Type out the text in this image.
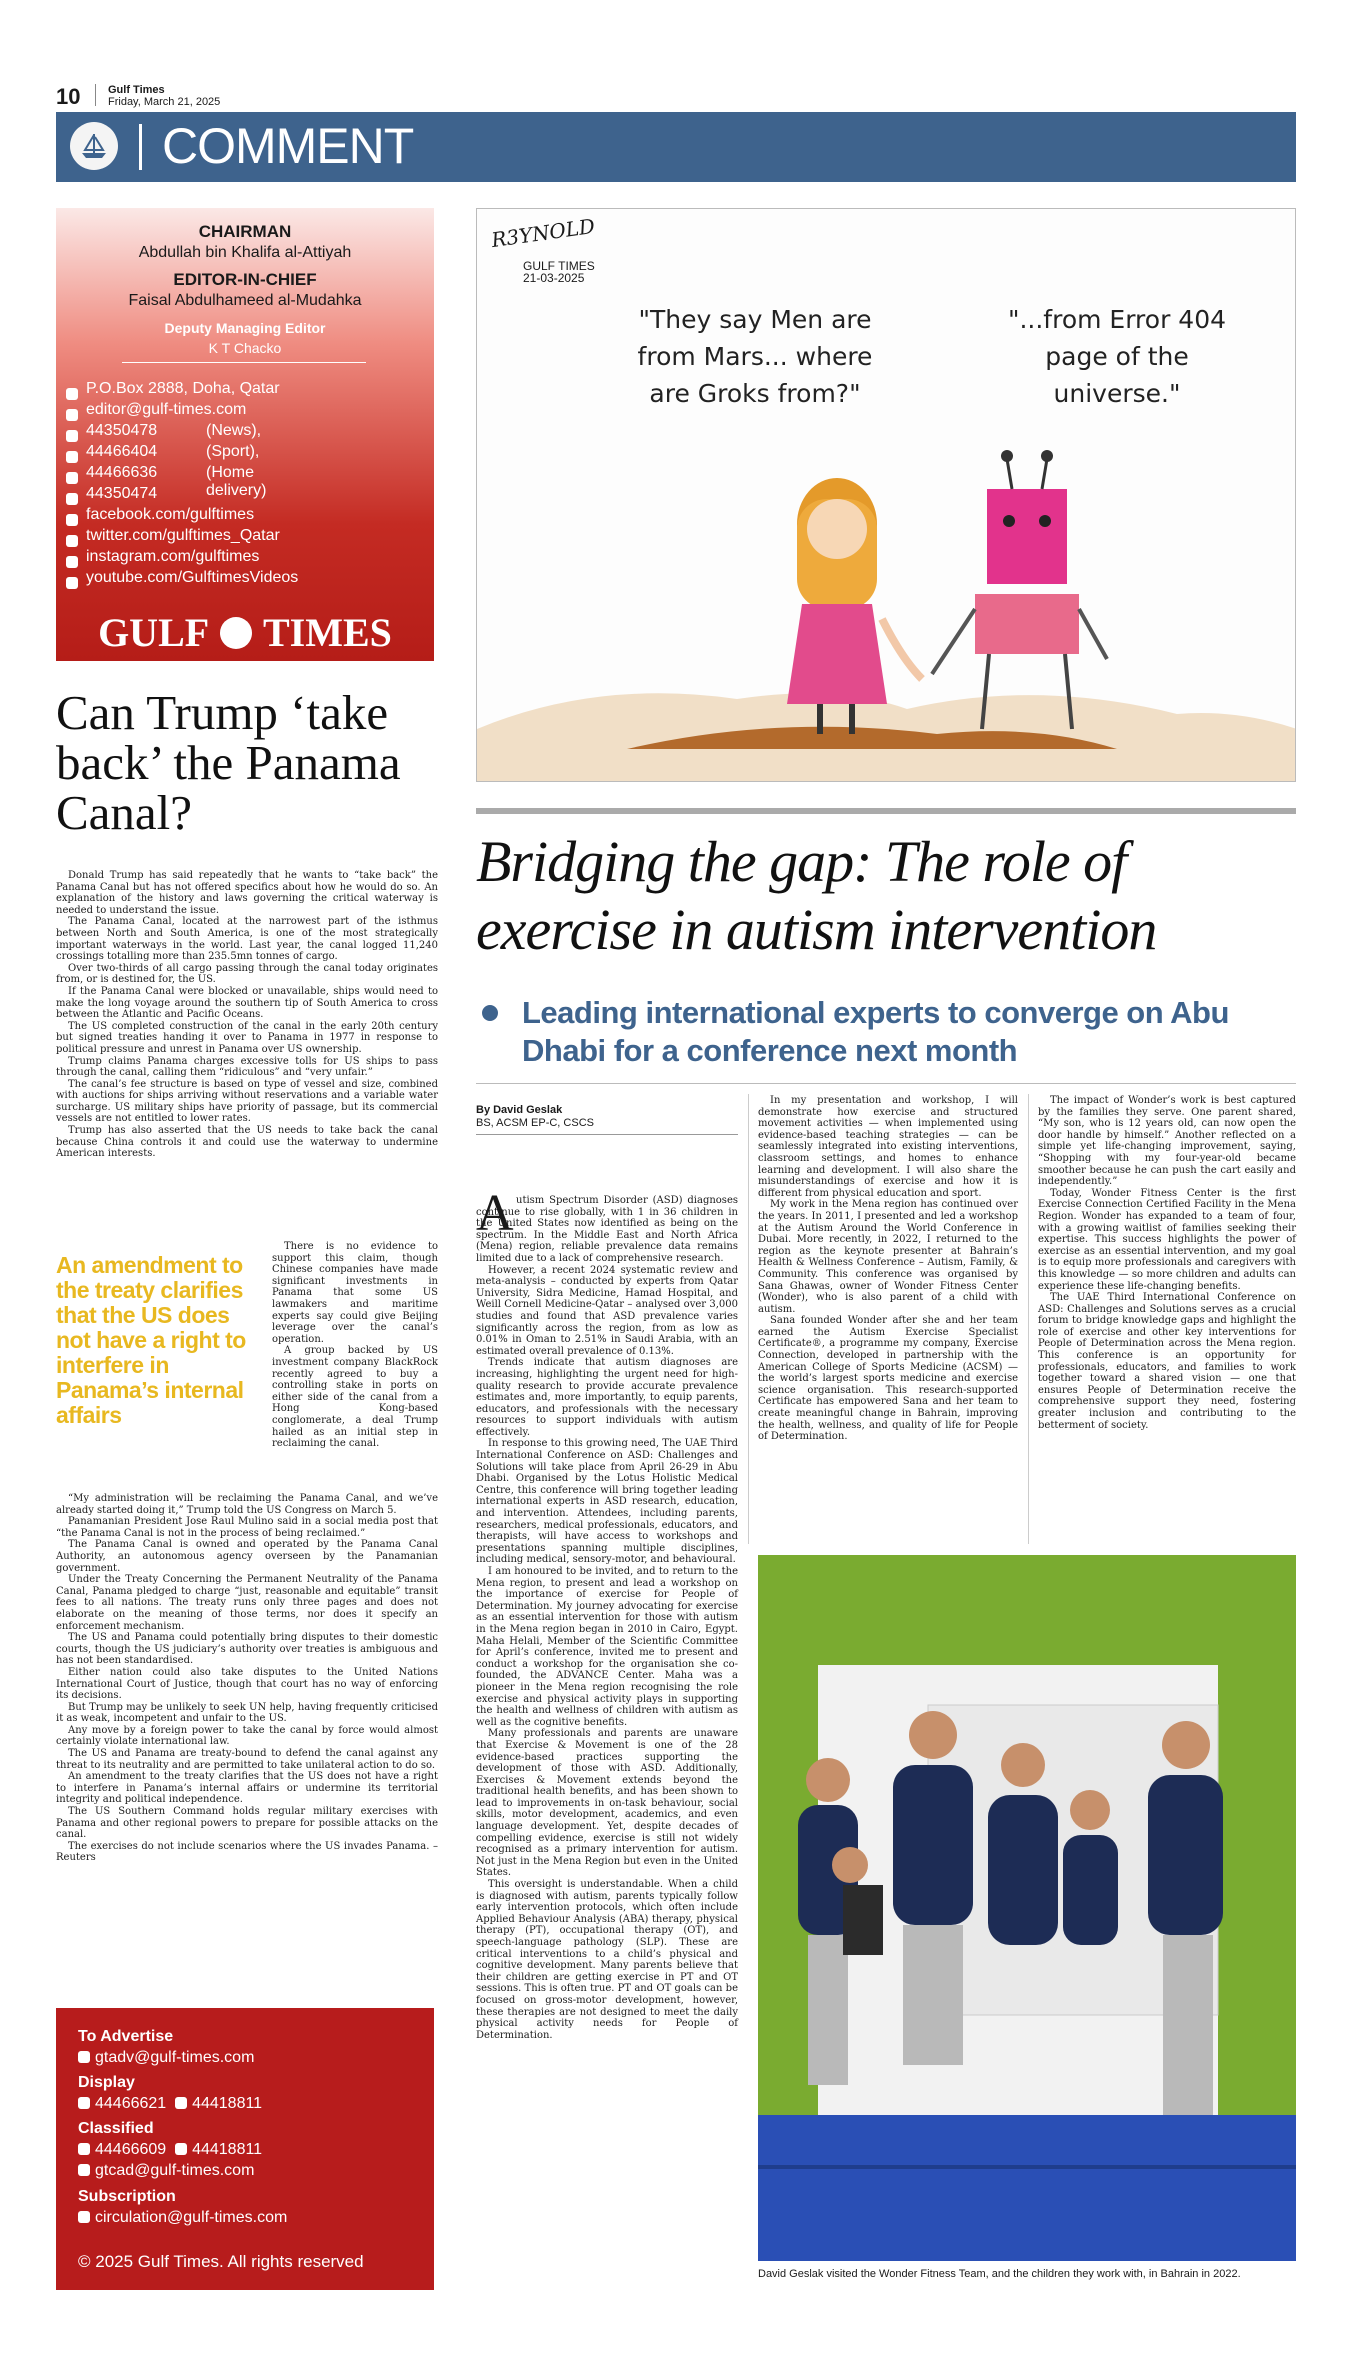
10	Gulf Times
Friday, March 21, 2025
COMMENT
CHAIRMAN
Abdullah bin Khalifa al-Attiyah
EDITOR-IN-CHIEF
Faisal Abdulhameed al-Mudahka
Deputy Managing Editor
K T Chacko
P.O.Box 2888, Doha, Qatar
editor@gulf-times.com
44350478	(News),
44466404	(Sport),
44466636	(Home delivery)
44350474
facebook.com/gulftimes
twitter.com/gulftimes_Qatar
instagram.com/gulftimes
youtube.com/GulftimesVideos
GULF TIMES
Can Trump ‘take back’ the Panama Canal?

Donald Trump has said repeatedly that he wants to “take back” the Panama Canal but has not offered specifics about how he would do so. An explanation of the history and laws governing the critical waterway is needed to understand the issue.

The Panama Canal, located at the narrowest part of the isthmus between North and South America, is one of the most strategically important waterways in the world. Last year, the canal logged 11,240 crossings totalling more than 235.5mn tonnes of cargo.

Over two-thirds of all cargo passing through the canal today originates from, or is destined for, the US.

If the Panama Canal were blocked or unavailable, ships would need to make the long voyage around the southern tip of South America to cross between the Atlantic and Pacific Oceans.

The US completed construction of the canal in the early 20th century but signed treaties handing it over to Panama in 1977 in response to political pressure and unrest in Panama over US ownership.

Trump claims Panama charges excessive tolls for US ships to pass through the canal, calling them “ridiculous” and “very unfair.”

The canal’s fee structure is based on type of vessel and size, combined with auctions for ships arriving without reservations and a variable water surcharge. US military ships have priority of passage, but its commercial vessels are not entitled to lower rates.

Trump has also asserted that the US needs to take back the canal because China controls it and could use the waterway to undermine American interests.

An amendment to the treaty clarifies that the US does not have a right to interfere in Panama’s internal affairs

There is no evidence to support this claim, though Chinese companies have made significant investments in Panama that some US lawmakers and maritime experts say could give Beijing leverage over the canal’s operation.

A group backed by US investment company BlackRock recently agreed to buy a controlling stake in ports on either side of the canal from a Hong Kong-based conglomerate, a deal Trump hailed as an initial step in reclaiming the canal.

“My administration will be reclaiming the Panama Canal, and we’ve already started doing it,” Trump told the US Congress on March 5.

Panamanian President Jose Raul Mulino said in a social media post that “the Panama Canal is not in the process of being reclaimed.”

The Panama Canal is owned and operated by the Panama Canal Authority, an autonomous agency overseen by the Panamanian government.

Under the Treaty Concerning the Permanent Neutrality of the Panama Canal, Panama pledged to charge “just, reasonable and equitable” transit fees to all nations. The treaty runs only three pages and does not elaborate on the meaning of those terms, nor does it specify an enforcement mechanism.

The US and Panama could potentially bring disputes to their domestic courts, though the US judiciary’s authority over treaties is ambiguous and has not been standardised.

Either nation could also take disputes to the United Nations International Court of Justice, though that court has no way of enforcing its decisions.

But Trump may be unlikely to seek UN help, having frequently criticised it as weak, incompetent and unfair to the US.

Any move by a foreign power to take the canal by force would almost certainly violate international law.

The US and Panama are treaty-bound to defend the canal against any threat to its neutrality and are permitted to take unilateral action to do so.

An amendment to the treaty clarifies that the US does not have a right to interfere in Panama’s internal affairs or undermine its territorial integrity and political independence.

The US Southern Command holds regular military exercises with Panama and other regional powers to prepare for possible attacks on the canal.

The exercises do not include scenarios where the US invades Panama. – Reuters

To Advertise
gtadv@gulf-times.com
Display
44466621 44418811
Classified
44466609 44418811
gtcad@gulf-times.com
Subscription
circulation@gulf-times.com
© 2025 Gulf Times. All rights reserved
R3YNOLD
GULF TIMES
21-03-2025
"They say Men are from Mars... where are Groks from?"
"...from Error 404 page of the universe."
Bridging the gap: The role of exercise in autism intervention
Leading international experts to converge on Abu Dhabi for a conference next month
By David Geslak
BS, ACSM EP-C, CSCS
A utism Spectrum Disorder (ASD) diagnoses continue to rise globally, with 1 in 36 children in the United States now identified as being on the spectrum. In the Middle East and North Africa (Mena) region, reliable prevalence data remains limited due to a lack of comprehensive research.

However, a recent 2024 systematic review and meta-analysis – conducted by experts from Qatar University, Sidra Medicine, Hamad Hospital, and Weill Cornell Medicine-Qatar – analysed over 3,000 studies and found that ASD prevalence varies significantly across the region, from as low as 0.01% in Oman to 2.51% in Saudi Arabia, with an estimated overall prevalence of 0.13%.

Trends indicate that autism diagnoses are increasing, highlighting the urgent need for high-quality research to provide accurate prevalence estimates and, more importantly, to equip parents, educators, and professionals with the necessary resources to support individuals with autism effectively.

In response to this growing need, The UAE Third International Conference on ASD: Challenges and Solutions will take place from April 26-29 in Abu Dhabi. Organised by the Lotus Holistic Medical Centre, this conference will bring together leading international experts in ASD research, education, and intervention. Attendees, including parents, researchers, medical professionals, educators, and therapists, will have access to workshops and presentations spanning multiple disciplines, including medical, sensory-motor, and behavioural.

I am honoured to be invited, and to return to the Mena region, to present and lead a workshop on the importance of exercise for People of Determination. My journey advocating for exercise as an essential intervention for those with autism in the Mena region began in 2010 in Cairo, Egypt. Maha Helali, Member of the Scientific Committee for April’s conference, invited me to present and conduct a workshop for the organisation she co-founded, the ADVANCE Center. Maha was a pioneer in the Mena region recognising the role exercise and physical activity plays in supporting the health and wellness of children with autism as well as the cognitive benefits.

Many professionals and parents are unaware that Exercise & Movement is one of the 28 evidence-based practices supporting the development of those with ASD. Additionally, Exercises & Movement extends beyond the traditional health benefits, and has been shown to lead to improvements in on-task behaviour, social skills, motor development, academics, and even language development. Yet, despite decades of compelling evidence, exercise is still not widely recognised as a primary intervention for autism. Not just in the Mena Region but even in the United States.

This oversight is understandable. When a child is diagnosed with autism, parents typically follow early intervention protocols, which often include Applied Behaviour Analysis (ABA) therapy, physical therapy (PT), occupational therapy (OT), and speech-language pathology (SLP). These are critical interventions to a child’s physical and cognitive development. Many parents believe that their children are getting exercise in PT and OT sessions. This is often true. PT and OT goals can be focused on gross-motor development, however, these therapies are not designed to meet the daily physical activity needs for People of Determination.

In my presentation and workshop, I will demonstrate how exercise and structured movement activities — when implemented using evidence-based teaching strategies — can be seamlessly integrated into existing interventions, classroom settings, and homes to enhance learning and development. I will also share the misunderstandings of exercise and how it is different from physical education and sport.

My work in the Mena region has continued over the years. In 2011, I presented and led a workshop at the Autism Around the World Conference in Dubai. More recently, in 2022, I returned to the region as the keynote presenter at Bahrain’s Health & Wellness Conference – Autism, Family, & Community. This conference was organised by Sana Ghawas, owner of Wonder Fitness Center (Wonder), who is also parent of a child with autism.

Sana founded Wonder after she and her team earned the Autism Exercise Specialist Certificate®, a programme my company, Exercise Connection, developed in partnership with the American College of Sports Medicine (ACSM) — the world’s largest sports medicine and exercise science organisation. This research-supported Certificate has empowered Sana and her team to create meaningful change in Bahrain, improving the health, wellness, and quality of life for People of Determination.

The impact of Wonder’s work is best captured by the families they serve. One parent shared, “My son, who is 12 years old, can now open the door handle by himself.” Another reflected on a simple yet life-changing improvement, saying, “Shopping with my four-year-old became smoother because he can push the cart easily and independently.”

Today, Wonder Fitness Center is the first Exercise Connection Certified Facility in the Mena Region. Wonder has expanded to a team of four, with a growing waitlist of families seeking their expertise. This success highlights the power of exercise as an essential intervention, and my goal is to equip more professionals and caregivers with this knowledge — so more children and adults can experience these life-changing benefits.

The UAE Third International Conference on ASD: Challenges and Solutions serves as a crucial forum to bridge knowledge gaps and highlight the role of exercise and other key interventions for People of Determination across the Mena region. This conference is an opportunity for professionals, educators, and families to work together toward a shared vision — one that ensures People of Determination receive the comprehensive support they need, fostering greater inclusion and contributing to the betterment of society.

David Geslak visited the Wonder Fitness Team, and the children they work with, in Bahrain in 2022.
